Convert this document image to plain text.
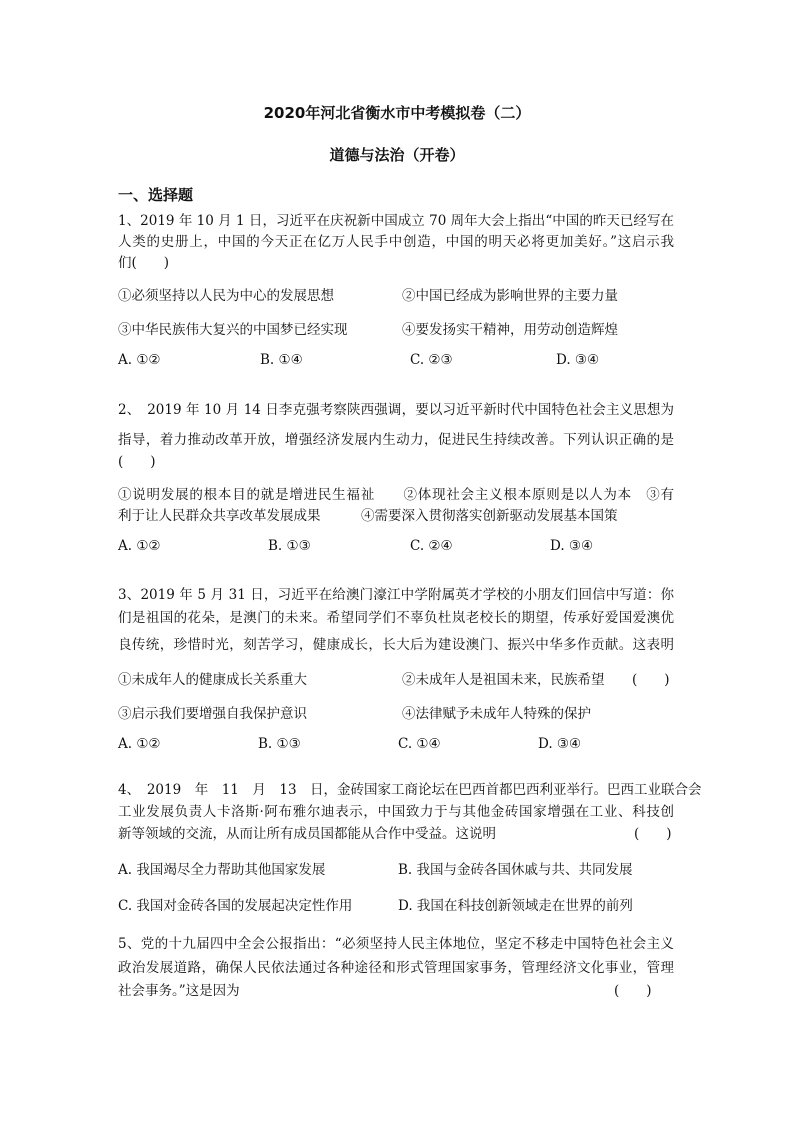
2020年河北省衡水市中考模拟卷（二）
道德与法治（开卷）
一、选择题
1、2019 年 10 月 1 日，习近平在庆祝新中国成立 70 周年大会上指出“中国的昨天已经写在
人类的史册上，中国的今天正在亿万人民手中创造，中国的明天必将更加美好。”这启示我
们(　　)
①必须坚持以人民为中心的发展思想	②中国已经成为影响世界的主要力量
③中华民族伟大复兴的中国梦已经实现	④要发扬实干精神，用劳动创造辉煌
A. ①②	B. ①④	C. ②③	D. ③④
2、　2019 年 10 月 14 日李克强考察陕西强调，要以习近平新时代中国特色社会主义思想为
指导，着力推动改革开放，增强经济发展内生动力，促进民生持续改善。下列认识正确的是
(　　)
①说明发展的根本目的就是增进民生福祉　　②体现社会主义根本原则是以人为本　③有
利于让人民群众共享改革发展成果　　　④需要深入贯彻落实创新驱动发展基本国策
A. ①②	B. ①③	C. ②④	D. ③④
3、2019 年 5 月 31 日，习近平在给澳门濠江中学附属英才学校的小朋友们回信中写道：你
们是祖国的花朵，是澳门的未来。希望同学们不辜负杜岚老校长的期望，传承好爱国爱澳优
良传统，珍惜时光，刻苦学习，健康成长，长大后为建设澳门、振兴中华多作贡献。这表明
①未成年人的健康成长关系重大	②未成年人是祖国未来，民族希望 (　　)
③启示我们要增强自我保护意识	④法律赋予未成年人特殊的保护
A. ①②	B. ①③	C. ①④	D. ③④
4、　2019　年　11　月　13　日，金砖国家工商论坛在巴西首都巴西利亚举行。巴西工业联合会
工业发展负责人卡洛斯·阿布雅尔迪表示，中国致力于与其他金砖国家增强在工业、科技创
新等领域的交流，从而让所有成员国都能从合作中受益。这说明	(　　)
A. 我国竭尽全力帮助其他国家发展	B. 我国与金砖各国休戚与共、共同发展
C. 我国对金砖各国的发展起决定性作用	D. 我国在科技创新领域走在世界的前列
5、党的十九届四中全会公报指出：“必须坚持人民主体地位，坚定不移走中国特色社会主义
政治发展道路，确保人民依法通过各种途径和形式管理国家事务，管理经济文化事业，管理
社会事务。”这是因为	(　　)
